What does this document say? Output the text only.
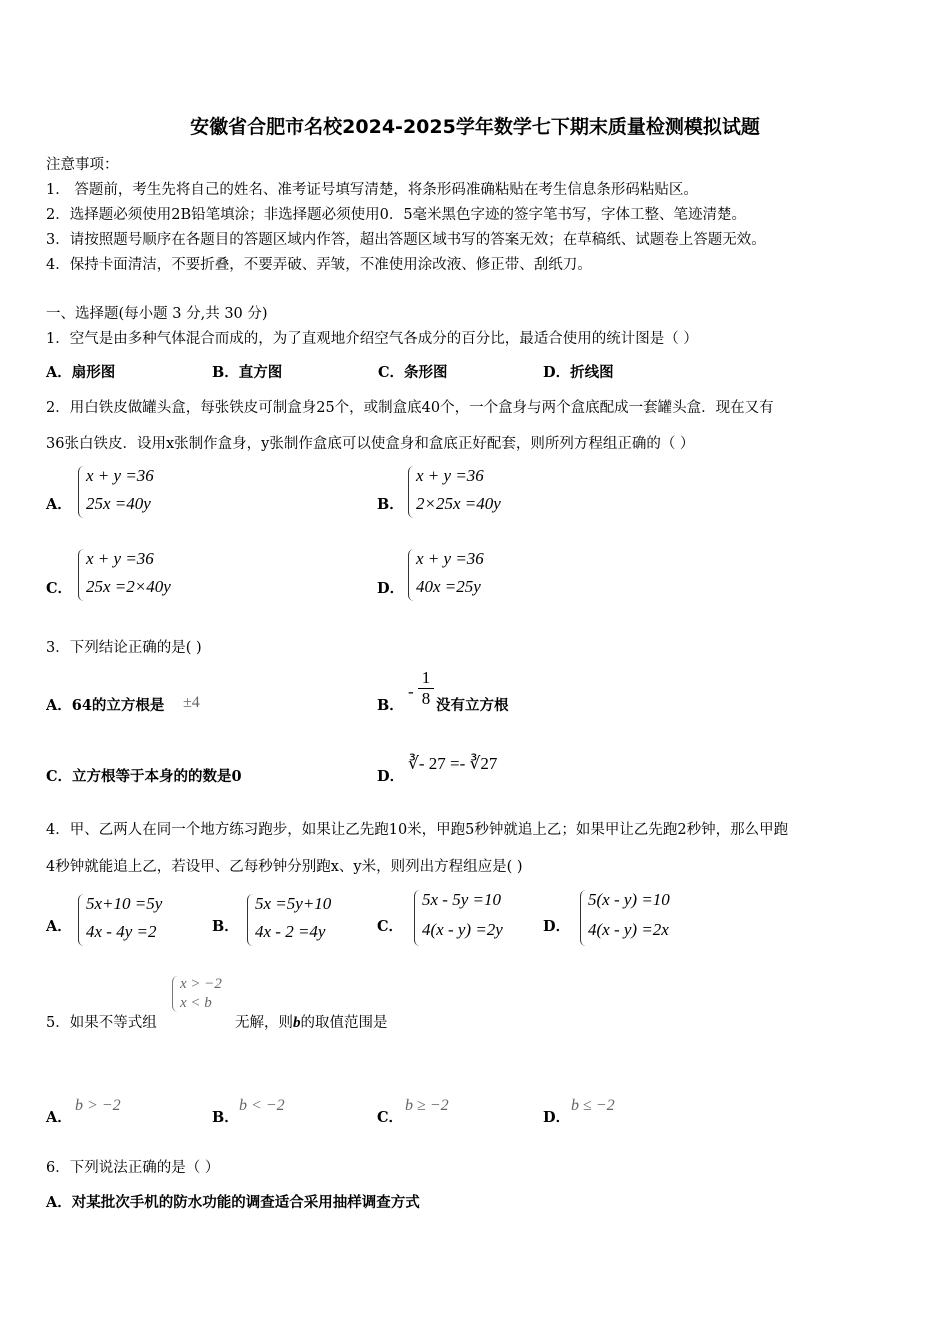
安徽省合肥市名校2024-2025学年数学七下期末质量检测模拟试题
注意事项：
1． 答题前，考生先将自己的姓名、准考证号填写清楚，将条形码准确粘贴在考生信息条形码粘贴区。
2．选择题必须使用2B铅笔填涂；非选择题必须使用0．5毫米黑色字迹的签字笔书写，字体工整、笔迹清楚。
3．请按照题号顺序在各题目的答题区域内作答，超出答题区域书写的答案无效；在草稿纸、试题卷上答题无效。
4．保持卡面清洁，不要折叠，不要弄破、弄皱，不准使用涂改液、修正带、刮纸刀。
一、选择题(每小题 3 分,共 30 分)
1．空气是由多种气体混合而成的，为了直观地介绍空气各成分的百分比，最适合使用的统计图是（ ）
A．扇形图	B．直方图	C．条形图	D．折线图
2．用白铁皮做罐头盒，每张铁皮可制盒身25个，或制盒底40个，一个盒身与两个盒底配成一套罐头盒．现在又有
36张白铁皮．设用x张制作盒身，y张制作盒底可以使盒身和盒底正好配套，则所列方程组正确的（ ）
A．
x + y =36
25x =40y	B．
x + y =36
2×25x =40y
C．
x + y =36
25x =2×40y	D．
x + y =36
40x =25y
3．下列结论正确的是( )
A．64的立方根是 ±4	B．
- $\frac{1}{8}$ 没有立方根
C．立方根等于本身的的数是0	D．
∛- 27 =- ∛27
4．甲、乙两人在同一个地方练习跑步，如果让乙先跑10米，甲跑5秒钟就追上乙；如果甲让乙先跑2秒钟，那么甲跑
4秒钟就能追上乙，若设甲、乙每秒钟分别跑x、y米，则列出方程组应是( )
A．
5x+10 =5y
4x - 4y =2	B．
5x =5y+10
4x - 2 =4y	C．
5x - 5y =10
4(x - y) =2y	D．
5(x - y) =10
4(x - y) =2x
x > −2
x < b
5．如果不等式组	无解，则b的取值范围是
A．
b > −2
B．
b < −2
C．
b ≥ −2
D．
b ≤ −2
6．下列说法正确的是（ ）
A．对某批次手机的防水功能的调查适合采用抽样调查方式
